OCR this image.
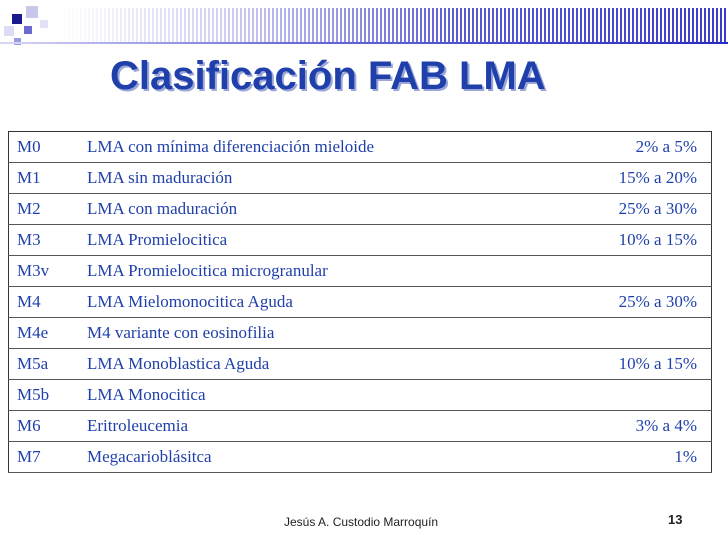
Clasificación FAB LMA
M0	LMA con mínima diferenciación mieloide	2% a 5%
M1	LMA sin maduración	15% a 20%
M2	LMA con maduración	25% a 30%
M3	LMA Promielocitica	10% a 15%
M3v	LMA Promielocitica microgranular	
M4	LMA Mielomonocitica Aguda	25% a 30%
M4e	M4 variante con eosinofilia	
M5a	LMA Monoblastica Aguda	10% a 15%
M5b	LMA Monocitica	
M6	Eritroleucemia	3% a 4%
M7	Megacarioblásitca	1%
Jesús A. Custodio Marroquín	13
